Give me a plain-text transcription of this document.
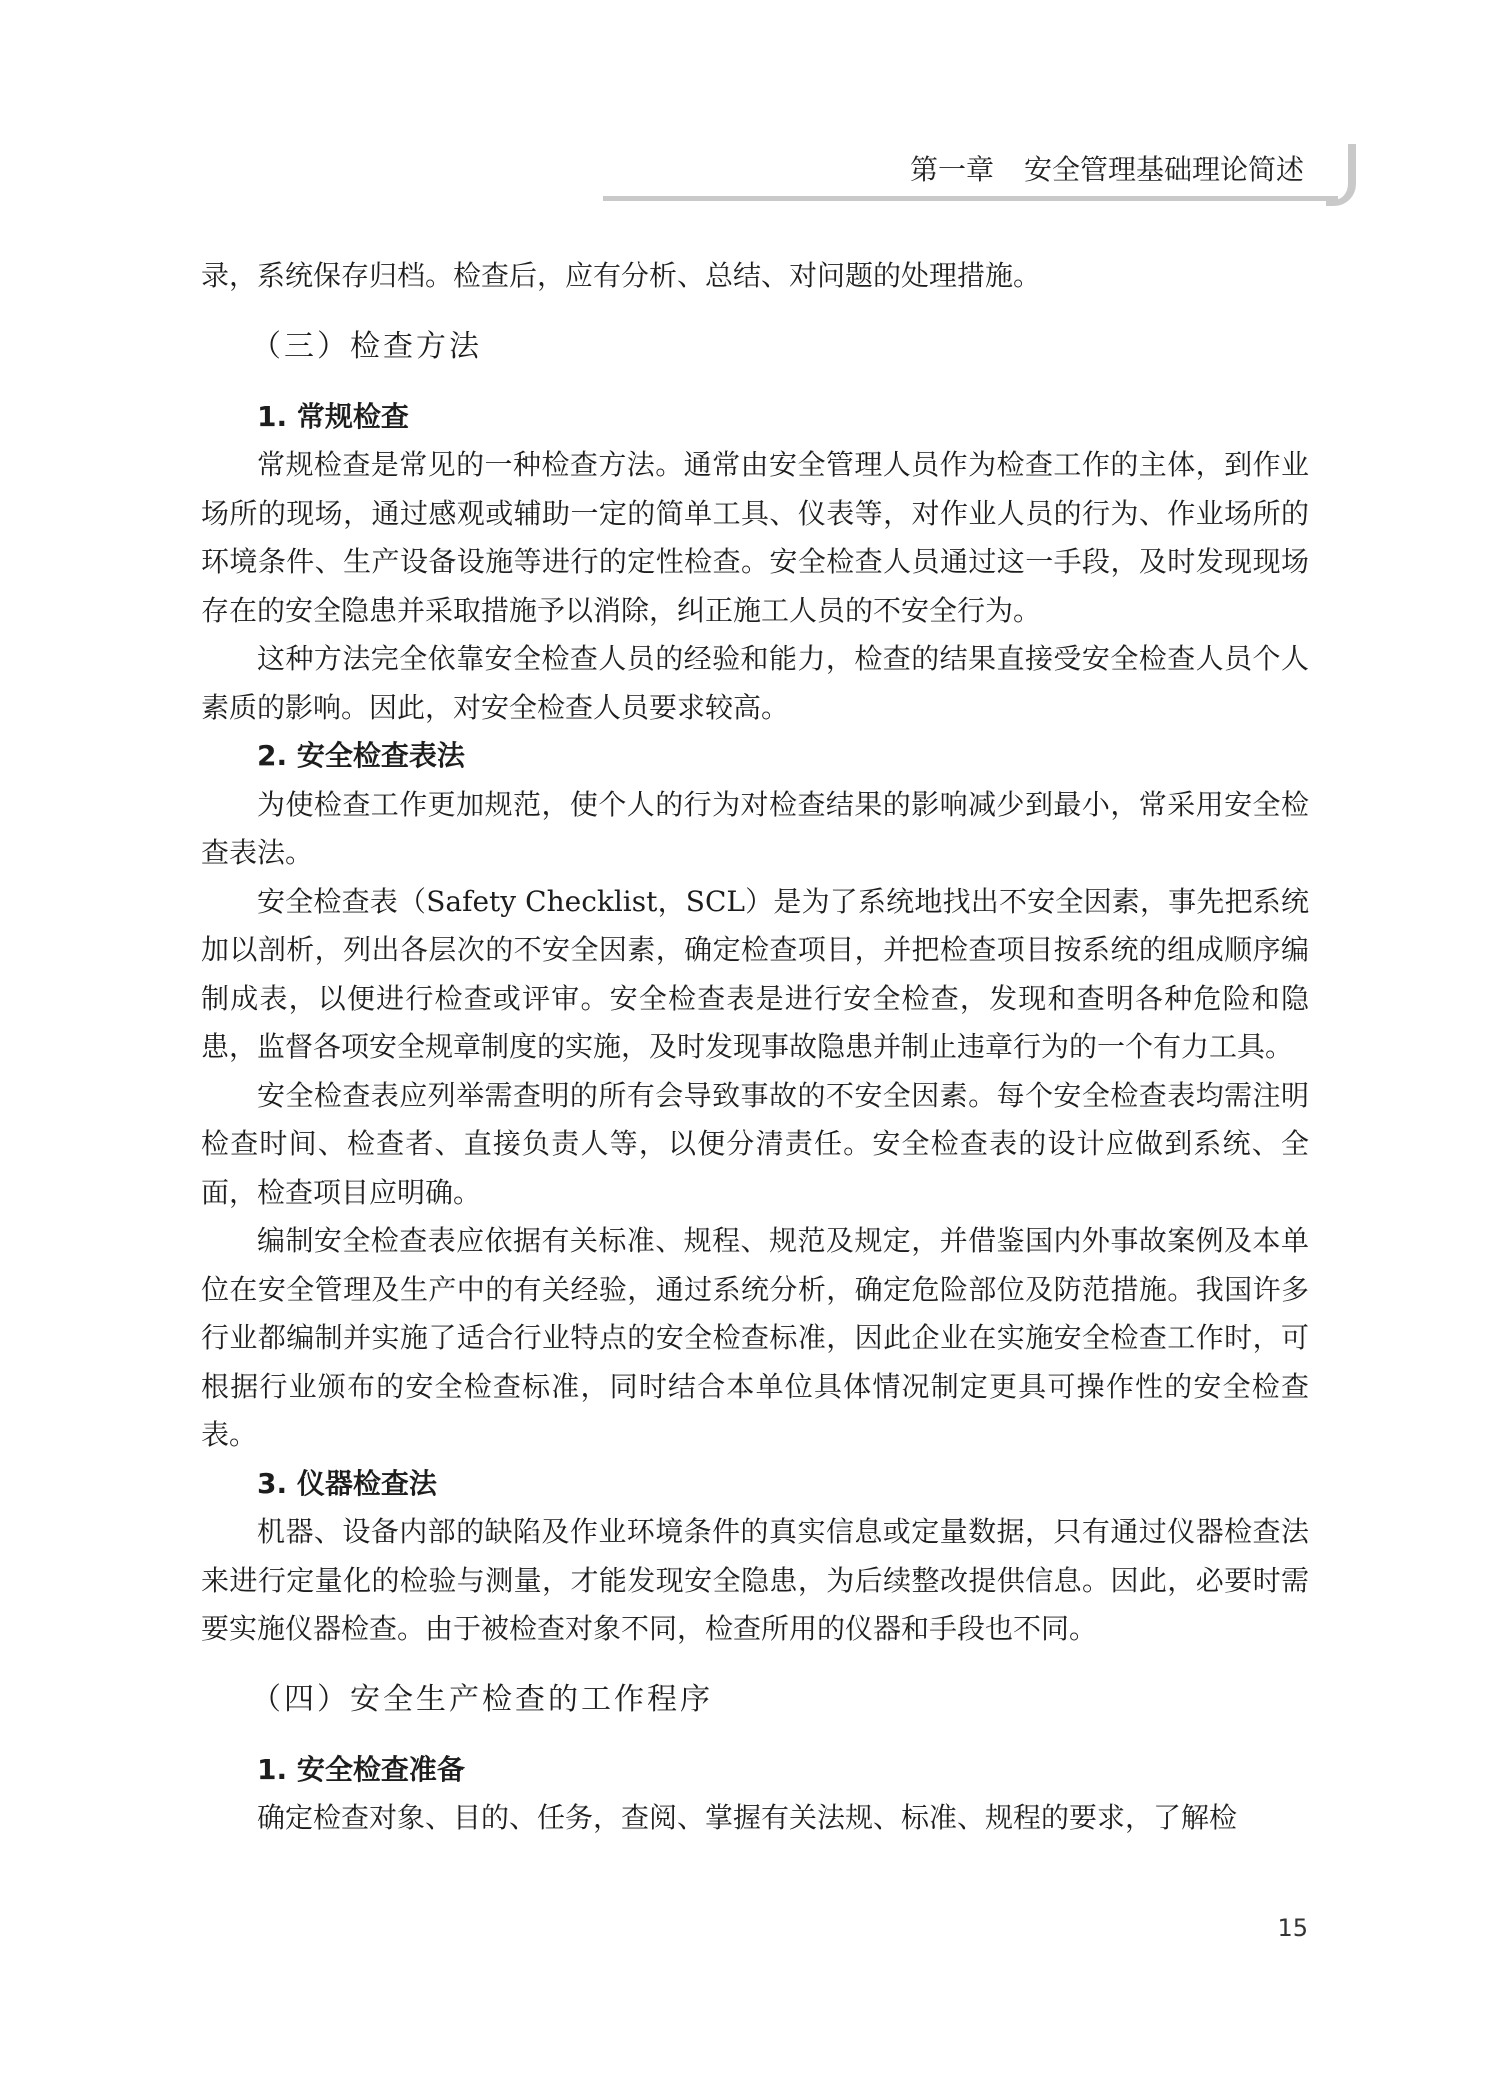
第一章 安全管理基础理论简述

录，系统保存归档。检查后，应有分析、总结、对问题的处理措施。

（三）检查方法
1. 常规检查

常规检查是常见的一种检查方法。通常由安全管理人员作为检查工作的主体，到作业场所的现场，通过感观或辅助一定的简单工具、仪表等，对作业人员的行为、作业场所的环境条件、生产设备设施等进行的定性检查。安全检查人员通过这一手段，及时发现现场存在的安全隐患并采取措施予以消除，纠正施工人员的不安全行为。

这种方法完全依靠安全检查人员的经验和能力，检查的结果直接受安全检查人员个人素质的影响。因此，对安全检查人员要求较高。

2. 安全检查表法

为使检查工作更加规范，使个人的行为对检查结果的影响减少到最小，常采用安全检查表法。

安全检查表（Safety Checklist，SCL）是为了系统地找出不安全因素，事先把系统加以剖析，列出各层次的不安全因素，确定检查项目，并把检查项目按系统的组成顺序编制成表，以便进行检查或评审。安全检查表是进行安全检查，发现和查明各种危险和隐患，监督各项安全规章制度的实施，及时发现事故隐患并制止违章行为的一个有力工具。

安全检查表应列举需查明的所有会导致事故的不安全因素。每个安全检查表均需注明检查时间、检查者、直接负责人等，以便分清责任。安全检查表的设计应做到系统、全面，检查项目应明确。

编制安全检查表应依据有关标准、规程、规范及规定，并借鉴国内外事故案例及本单位在安全管理及生产中的有关经验，通过系统分析，确定危险部位及防范措施。我国许多行业都编制并实施了适合行业特点的安全检查标准，因此企业在实施安全检查工作时，可根据行业颁布的安全检查标准，同时结合本单位具体情况制定更具可操作性的安全检查表。

3. 仪器检查法

机器、设备内部的缺陷及作业环境条件的真实信息或定量数据，只有通过仪器检查法来进行定量化的检验与测量，才能发现安全隐患，为后续整改提供信息。因此，必要时需要实施仪器检查。由于被检查对象不同，检查所用的仪器和手段也不同。

（四）安全生产检查的工作程序
1. 安全检查准备

确定检查对象、目的、任务，查阅、掌握有关法规、标准、规程的要求，了解检

15
